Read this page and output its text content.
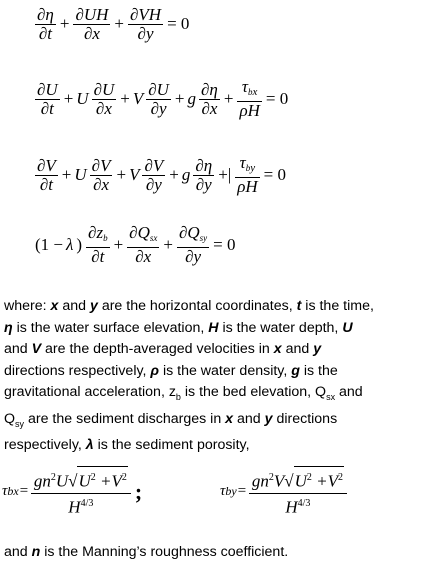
$\frac{\partial\eta}{\partial t} + \frac{\partial UH}{\partial x} + \frac{\partial VH}{\partial y} = 0$
$\frac{\partial U}{\partial t} + U \frac{\partial U}{\partial x} + V \frac{\partial U}{\partial y} + g \frac{\partial\eta}{\partial x} + \frac{\tau_{bx}}{\rho H} = 0$
$\frac{\partial V}{\partial t} + U \frac{\partial V}{\partial x} + V \frac{\partial V}{\partial y} + g \frac{\partial\eta}{\partial y}$ +| $\frac{\tau_{by}}{\rho H} = 0$
(1 − λ ) $\frac{\partial z_b}{\partial t} + \frac{\partial Q_{sx}}{\partial x} + \frac{\partial Q_{sy}}{\partial y} = 0$
where: x and y are the horizontal coordinates, t is the time,
η is the water surface elevation, H is the water depth, U
and V are the depth-averaged velocities in x and y
directions respectively, ρ is the water density, g is the
gravitational acceleration, $z_b$ is the bed elevation, $Q_{sx}$ and
$Q_{sy}$ are the sediment discharges in x and y directions
respectively, λ is the sediment porosity,
$\tau bx= \frac{gn^2U√U^2 +V^2}{H^{4/3}}$ ;	$\tau by= \frac{gn^2V√U^2 +V^2}{H^{4/3}}$
and n is the Manning’s roughness coefficient.
